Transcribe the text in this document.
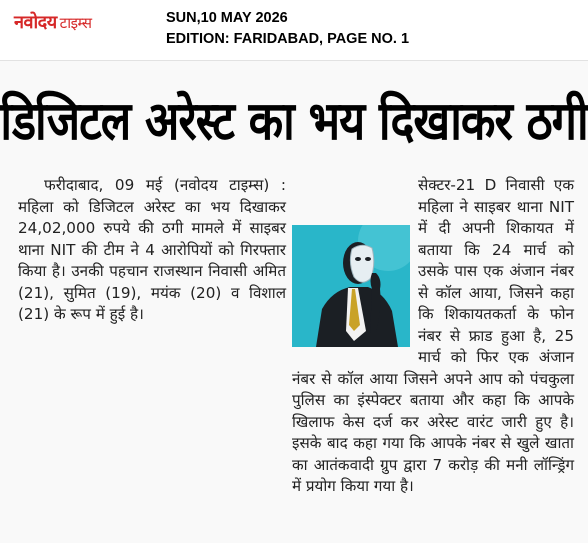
नवोदय टाइम्स	SUN,10 MAY 2026
EDITION: FARIDABAD, PAGE NO. 1
डिजिटल अरेस्ट का भय दिखाकर ठगी

फरीदाबाद, 09 मई (नवोदय टाइम्स) : महिला को डिजिटल अरेस्ट का भय दिखाकर 24,02,000 रुपये की ठगी मामले में साइबर थाना NIT की टीम ने 4 आरोपियों को गिरफ्तार किया है। उनकी पहचान राजस्थान निवासी अमित (21), सुमित (19), मयंक (20) व विशाल (21) के रूप में हुई है।

सेक्टर-21 D निवासी एक महिला ने साइबर थाना NIT में दी अपनी शिकायत में बताया कि 24 मार्च को उसके पास एक अंजान नंबर से कॉल आया, जिसने कहा कि शिकायतकर्ता के फोन नंबर से फ्राड हुआ है, 25 मार्च को फिर एक अंजान नंबर से कॉल आया जिसने अपने आप को पंचकुला पुलिस का इंस्पेक्टर बताया और कहा कि आपके खिलाफ केस दर्ज कर अरेस्ट वारंट जारी हुए है। इसके बाद कहा गया कि आपके नंबर से खुले खाता का आतंकवादी ग्रुप द्वारा 7 करोड़ की मनी लॉन्ड्रिंग में प्रयोग किया गया है।
